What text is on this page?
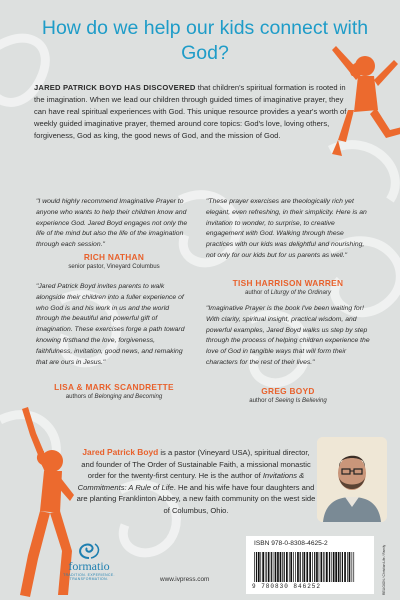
How do we help our kids connect with God?

JARED PATRICK BOYD HAS DISCOVERED that children's spiritual formation is rooted in the imagination. When we lead our children through guided times of imaginative prayer, they can have real spiritual experiences with God. This unique resource provides a year's worth of weekly guided imaginative prayer, themed around core topics: God's love, loving others, forgiveness, God as king, the good news of God, and the mission of God.

"I would highly recommend Imaginative Prayer to anyone who wants to help their children know and experience God. Jared Boyd engages not only the life of the mind but also the life of the imagination through each session."

RICH NATHAN
senior pastor, Vineyard Columbus

"These prayer exercises are theologically rich yet elegant, even refreshing, in their simplicity. Here is an invitation to wonder, to surprise, to creative engagement with God. Walking through these practices with our kids was delightful and nourishing, not only for our kids but for us parents as well."

TISH HARRISON WARREN
author of Liturgy of the Ordinary

"Jared Patrick Boyd invites parents to walk alongside their children into a fuller experience of who God is and his work in us and the world through the beautiful and powerful gift of imagination. These exercises forge a path toward knowing firsthand the love, forgiveness, faithfulness, invitation, good news, and remaking that are ours in Jesus."

LISA & MARK SCANDRETTE
authors of Belonging and Becoming

"Imaginative Prayer is the book I've been waiting for! With clarity, spiritual insight, practical wisdom, and powerful examples, Jared Boyd walks us step by step through the process of helping children experience the love of God in tangible ways that will form their characters for the rest of their lives."

GREG BOYD
author of Seeing Is Believing

Jared Patrick Boyd is a pastor (Vineyard USA), spiritual director, and founder of The Order of Sustainable Faith, a missional monastic order for the twenty-first century. He is the author of Invitations & Commitments: A Rule of Life. He and his wife have four daughters and are planting Franklinton Abbey, a new faith community on the west side of Columbus, Ohio.

formatio
TRADITION. EXPERIENCE. TRANSFORMATION.	www.ivpress.com
ISBN 978-0-8308-4625-2
9 780830 846252	RELIGION / Christian Life / Family
